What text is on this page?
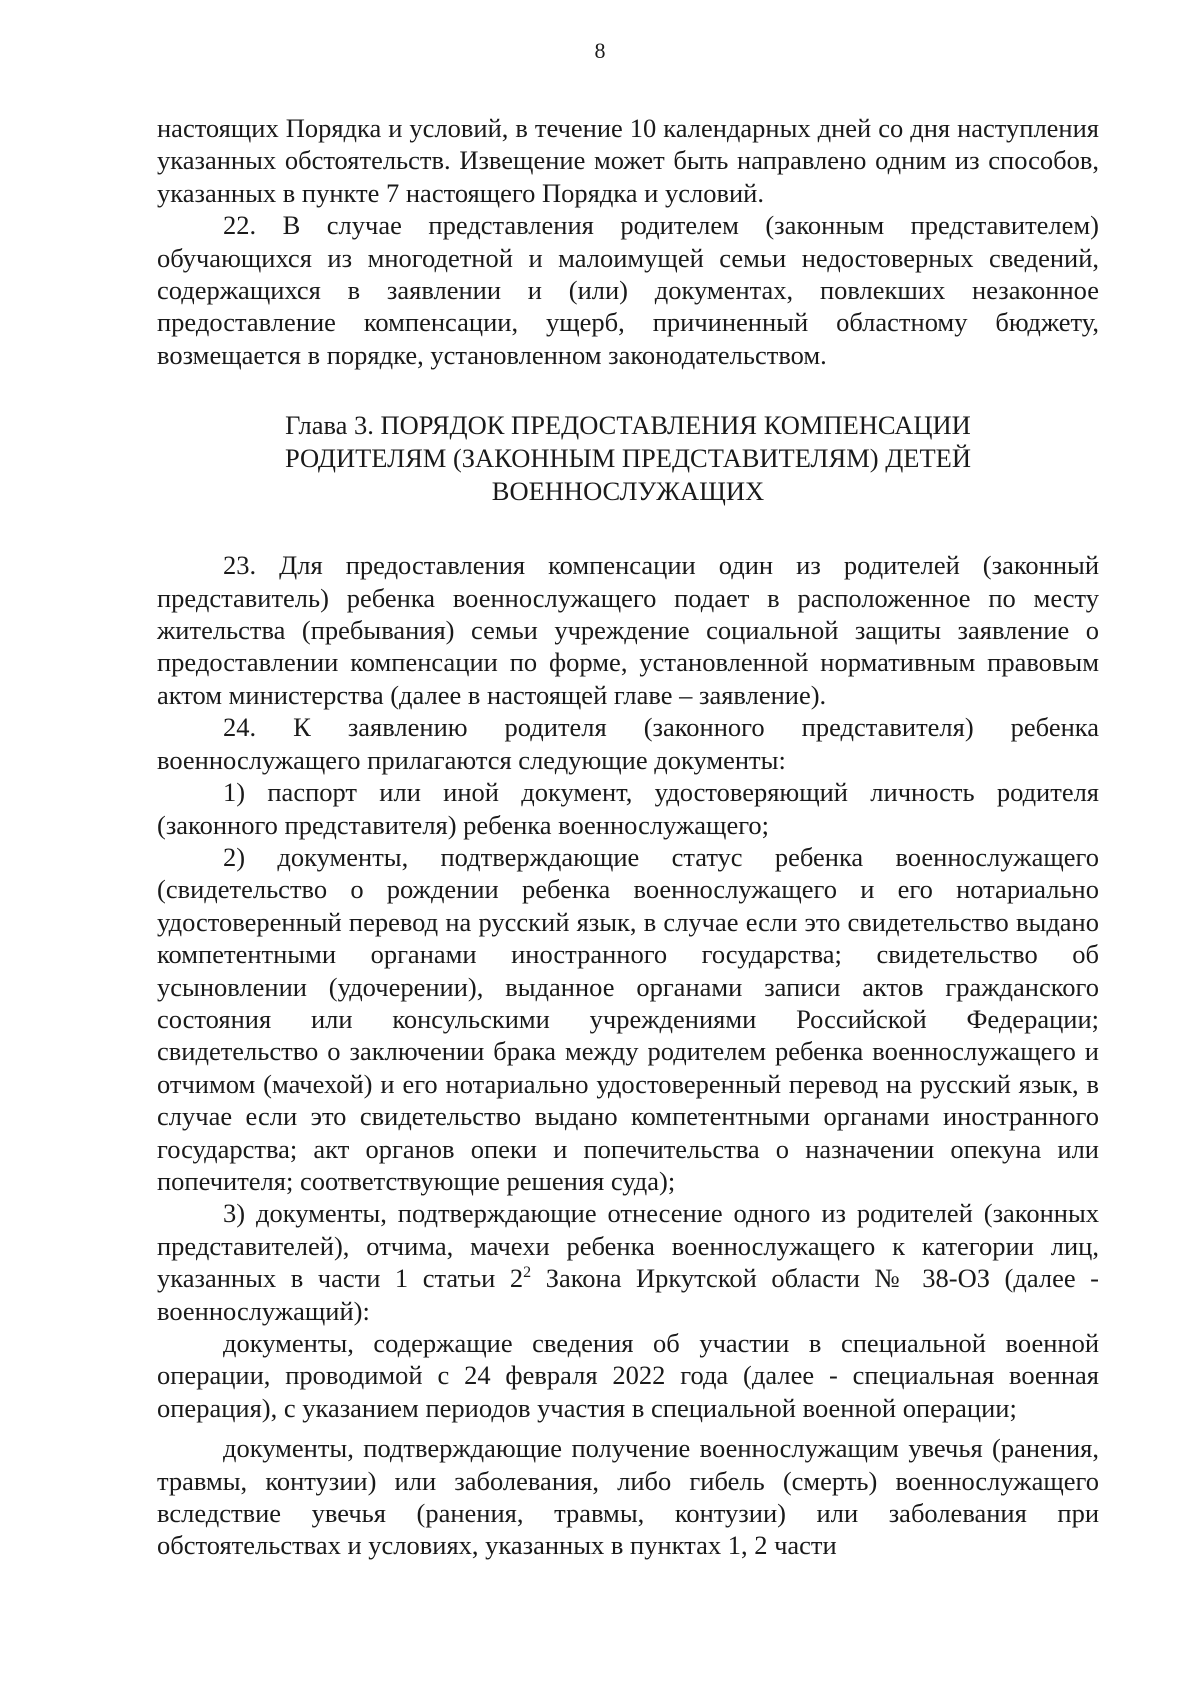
8

настоящих Порядка и условий, в течение 10 календарных дней со дня наступления указанных обстоятельств. Извещение может быть направлено одним из способов, указанных в пункте 7 настоящего Порядка и условий.

22. В случае представления родителем (законным представителем) обучающихся из многодетной и малоимущей семьи недостоверных сведений, содержащихся в заявлении и (или) документах, повлекших незаконное предоставление компенсации, ущерб, причиненный областному бюджету, возмещается в порядке, установленном законодательством.

Глава 3. ПОРЯДОК ПРЕДОСТАВЛЕНИЯ КОМПЕНСАЦИИ
РОДИТЕЛЯМ (ЗАКОННЫМ ПРЕДСТАВИТЕЛЯМ) ДЕТЕЙ
ВОЕННОСЛУЖАЩИХ

23. Для предоставления компенсации один из родителей (законный представитель) ребенка военнослужащего подает в расположенное по месту жительства (пребывания) семьи учреждение социальной защиты заявление о предоставлении компенсации по форме, установленной нормативным правовым актом министерства (далее в настоящей главе – заявление).

24. К заявлению родителя (законного представителя) ребенка военнослужащего прилагаются следующие документы:

1) паспорт или иной документ, удостоверяющий личность родителя (законного представителя) ребенка военнослужащего;

2) документы, подтверждающие статус ребенка военнослужащего (свидетельство о рождении ребенка военнослужащего и его нотариально удостоверенный перевод на русский язык, в случае если это свидетельство выдано компетентными органами иностранного государства; свидетельство об усыновлении (удочерении), выданное органами записи актов гражданского состояния или консульскими учреждениями Российской Федерации; свидетельство о заключении брака между родителем ребенка военнослужащего и отчимом (мачехой) и его нотариально удостоверенный перевод на русский язык, в случае если это свидетельство выдано компетентными органами иностранного государства; акт органов опеки и попечительства о назначении опекуна или попечителя; соответствующие решения суда);

3) документы, подтверждающие отнесение одного из родителей (законных представителей), отчима, мачехи ребенка военнослужащего к категории лиц, указанных в части 1 статьи $2^2$ Закона Иркутской области № 38-ОЗ (далее - военнослужащий):

документы, содержащие сведения об участии в специальной военной операции, проводимой с 24 февраля 2022 года (далее - специальная военная операция), с указанием периодов участия в специальной военной операции;

документы, подтверждающие получение военнослужащим увечья (ранения, травмы, контузии) или заболевания, либо гибель (смерть) военнослужащего вследствие увечья (ранения, травмы, контузии) или заболевания при обстоятельствах и условиях, указанных в пунктах 1, 2 части
